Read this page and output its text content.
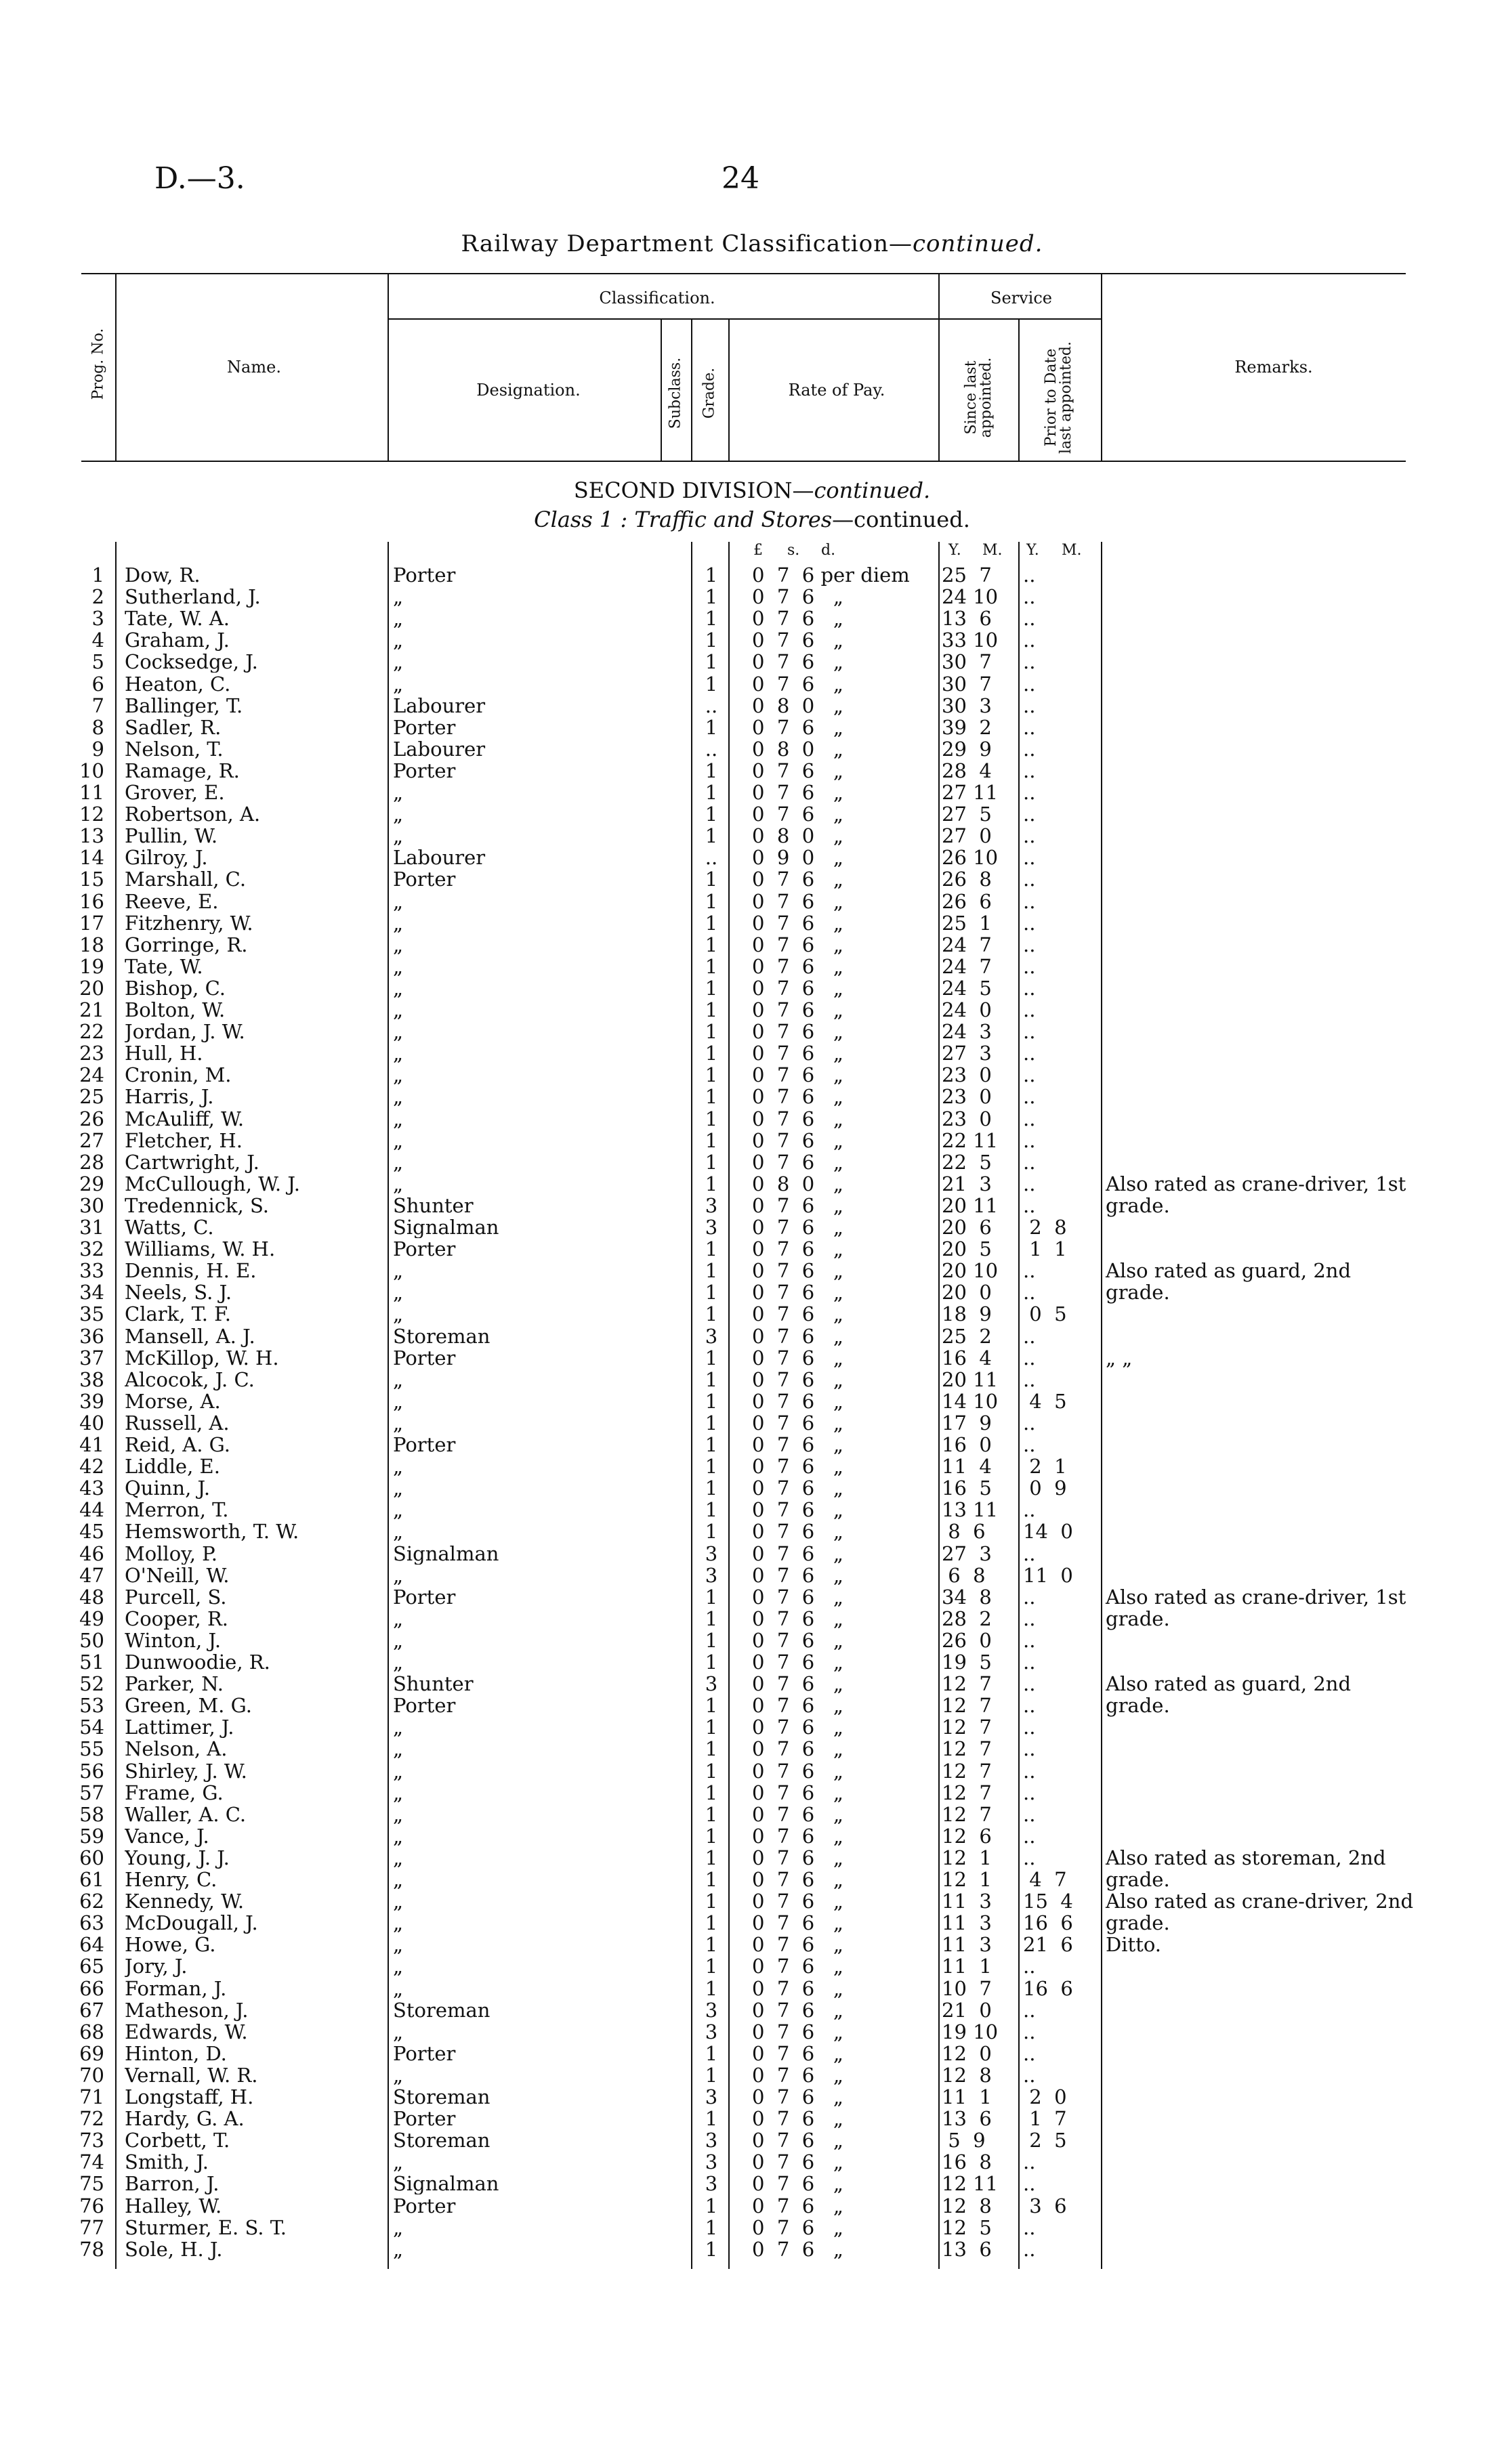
D.—3.	24
Railway Department Classification—continued.
Prog. No.	Name.
Classification.
Designation.	Subclass. Grade.	Rate of Pay.
Service
Since last appointed.	Prior to Date last appointed.	Remarks.
SECOND DIVISION—continued.
Class 1 : Traffic and Stores—continued.
£ s. d.	Y. M. Y. M.
1 Dow, R.	Porter	1	0  7  6 per diem	25  7	..
2 Sutherland, J.	„	1	0  7  6   „	24 10	..
3 Tate, W. A.	„	1	0  7  6   „	13  6	..
4 Graham, J.	„	1	0  7  6   „	33 10	..
5 Cocksedge, J.	„	1	0  7  6   „	30  7	..
6 Heaton, C.	„	1	0  7  6   „	30  7	..
7 Ballinger, T.	Labourer	..	0  8  0   „	30  3	..
8 Sadler, R.	Porter	1	0  7  6   „	39  2	..
9 Nelson, T.	Labourer	..	0  8  0   „	29  9	..
10 Ramage, R.	Porter	1	0  7  6   „	28  4	..
11 Grover, E.	„	1	0  7  6   „	27 11	..
12 Robertson, A.	„	1	0  7  6   „	27  5	..
13 Pullin, W.	„	1	0  8  0   „	27  0	..
14 Gilroy, J.	Labourer	..	0  9  0   „	26 10	..
15 Marshall, C.	Porter	1	0  7  6   „	26  8	..
16 Reeve, E.	„	1	0  7  6   „	26  6	..
17 Fitzhenry, W.	„	1	0  7  6   „	25  1	..
18 Gorringe, R.	„	1	0  7  6   „	24  7	..
19 Tate, W.	„	1	0  7  6   „	24  7	..
20 Bishop, C.	„	1	0  7  6   „	24  5	..
21 Bolton, W.	„	1	0  7  6   „	24  0	..
22 Jordan, J. W.	„	1	0  7  6   „	24  3	..
23 Hull, H.	„	1	0  7  6   „	27  3	..
24 Cronin, M.	„	1	0  7  6   „	23  0	..
25 Harris, J.	„	1	0  7  6   „	23  0	..
26 McAuliff, W.	„	1	0  7  6   „	23  0	..
27 Fletcher, H.	„	1	0  7  6   „	22 11	..
28 Cartwright, J.	„	1	0  7  6   „	22  5	..
29 McCullough, W. J.	„	1	0  8  0   „	21  3	..	Also rated as crane-driver, 1st grade.
30 Tredennick, S.	Shunter	3	0  7  6   „	20 11	..
31 Watts, C.	Signalman	3	0  7  6   „	20  6	2  8
32 Williams, W. H.	Porter	1	0  7  6   „	20  5	1  1
33 Dennis, H. E.	„	1	0  7  6   „	20 10	..	Also rated as guard, 2nd grade.
34 Neels, S. J.	„	1	0  7  6   „	20  0	..
35 Clark, T. F.	„	1	0  7  6   „	18  9	0  5
36 Mansell, A. J.	Storeman	3	0  7  6   „	25  2	..
37 McKillop, W. H.	Porter	1	0  7  6   „	16  4	..	„ „
38 Alcocok, J. C.	„	1	0  7  6   „	20 11	..
39 Morse, A.	„	1	0  7  6   „	14 10	4  5
40 Russell, A.	„	1	0  7  6   „	17  9	..
41 Reid, A. G.	Porter	1	0  7  6   „	16  0	..
42 Liddle, E.	„	1	0  7  6   „	11  4	2  1
43 Quinn, J.	„	1	0  7  6   „	16  5	0  9
44 Merron, T.	„	1	0  7  6   „	13 11	..
45 Hemsworth, T. W.	„	1	0  7  6   „	8  6	14  0
46 Molloy, P.	Signalman	3	0  7  6   „	27  3	..
47 O'Neill, W.	„	3	0  7  6   „	6  8	11  0
48 Purcell, S.	Porter	1	0  7  6   „	34  8	..	Also rated as crane-driver, 1st grade.
49 Cooper, R.	„	1	0  7  6   „	28  2	..
50 Winton, J.	„	1	0  7  6   „	26  0	..
51 Dunwoodie, R.	„	1	0  7  6   „	19  5	..
52 Parker, N.	Shunter	3	0  7  6   „	12  7	..	Also rated as guard, 2nd grade.
53 Green, M. G.	Porter	1	0  7  6   „	12  7	..
54 Lattimer, J.	„	1	0  7  6   „	12  7	..
55 Nelson, A.	„	1	0  7  6   „	12  7	..
56 Shirley, J. W.	„	1	0  7  6   „	12  7	..
57 Frame, G.	„	1	0  7  6   „	12  7	..
58 Waller, A. C.	„	1	0  7  6   „	12  7	..
59 Vance, J.	„	1	0  7  6   „	12  6	..
60 Young, J. J.	„	1	0  7  6   „	12  1	..	Also rated as storeman, 2nd grade.
61 Henry, C.	„	1	0  7  6   „	12  1	4  7
62 Kennedy, W.	„	1	0  7  6   „	11  3	15  4	Also rated as crane-driver, 2nd grade.
63 McDougall, J.	„	1	0  7  6   „	11  3	16  6
64 Howe, G.	„	1	0  7  6   „	11  3	21  6	Ditto.
65 Jory, J.	„	1	0  7  6   „	11  1	..
66 Forman, J.	„	1	0  7  6   „	10  7	16  6
67 Matheson, J.	Storeman	3	0  7  6   „	21  0	..
68 Edwards, W.	„	3	0  7  6   „	19 10	..
69 Hinton, D.	Porter	1	0  7  6   „	12  0	..
70 Vernall, W. R.	„	1	0  7  6   „	12  8	..
71 Longstaff, H.	Storeman	3	0  7  6   „	11  1	2  0
72 Hardy, G. A.	Porter	1	0  7  6   „	13  6	1  7
73 Corbett, T.	Storeman	3	0  7  6   „	5  9	2  5
74 Smith, J.	„	3	0  7  6   „	16  8	..
75 Barron, J.	Signalman	3	0  7  6   „	12 11	..
76 Halley, W.	Porter	1	0  7  6   „	12  8	3  6
77 Sturmer, E. S. T.	„	1	0  7  6   „	12  5	..
78 Sole, H. J.	„	1	0  7  6   „	13  6	..
